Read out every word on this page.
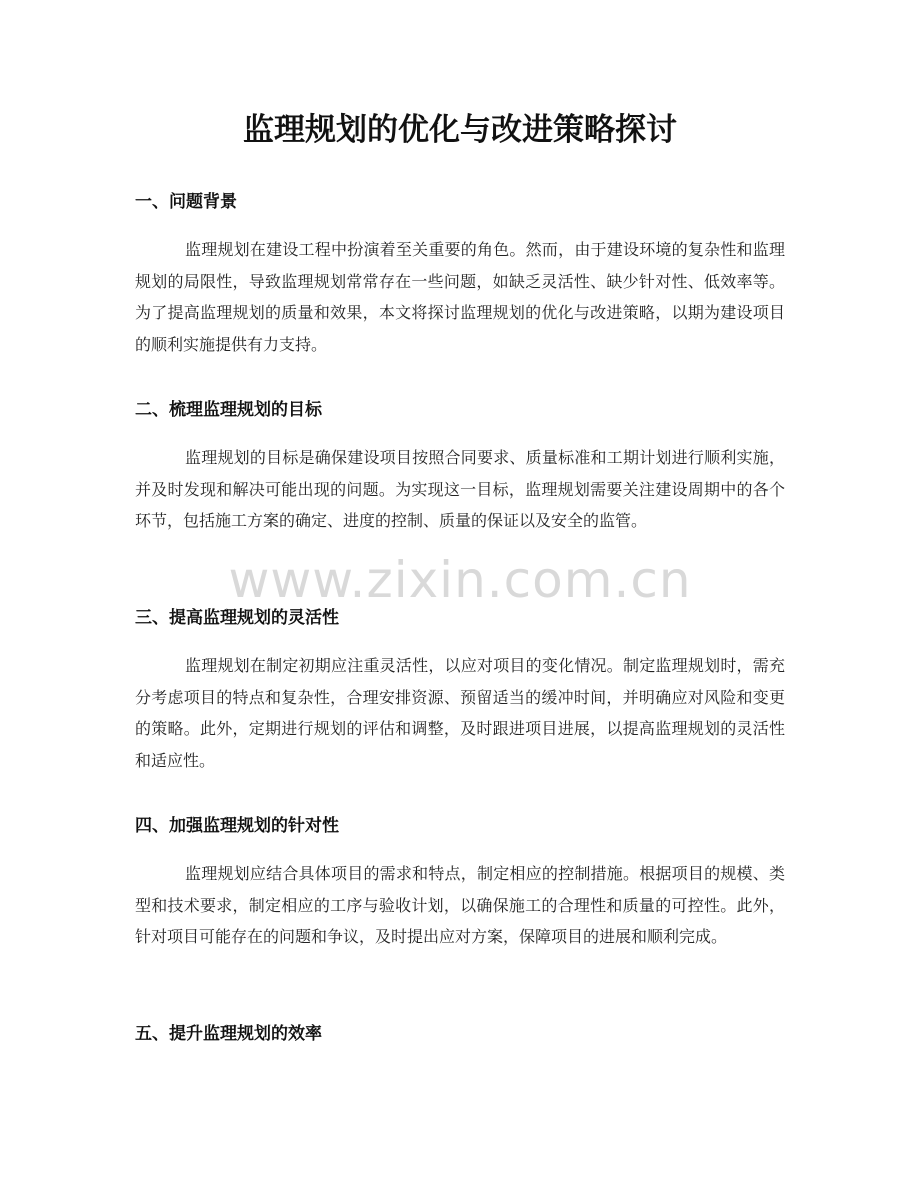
监理规划的优化与改进策略探讨
一、问题背景

监理规划在建设工程中扮演着至关重要的角色。然而，由于建设环境的复杂性和监理规划的局限性，导致监理规划常常存在一些问题，如缺乏灵活性、缺少针对性、低效率等。为了提高监理规划的质量和效果，本文将探讨监理规划的优化与改进策略，以期为建设项目的顺利实施提供有力支持。

二、梳理监理规划的目标

监理规划的目标是确保建设项目按照合同要求、质量标准和工期计划进行顺利实施，并及时发现和解决可能出现的问题。为实现这一目标，监理规划需要关注建设周期中的各个环节，包括施工方案的确定、进度的控制、质量的保证以及安全的监管。

三、提高监理规划的灵活性

监理规划在制定初期应注重灵活性，以应对项目的变化情况。制定监理规划时，需充分考虑项目的特点和复杂性，合理安排资源、预留适当的缓冲时间，并明确应对风险和变更的策略。此外，定期进行规划的评估和调整，及时跟进项目进展，以提高监理规划的灵活性和适应性。

四、加强监理规划的针对性

监理规划应结合具体项目的需求和特点，制定相应的控制措施。根据项目的规模、类型和技术要求，制定相应的工序与验收计划，以确保施工的合理性和质量的可控性。此外，针对项目可能存在的问题和争议，及时提出应对方案，保障项目的进展和顺利完成。

五、提升监理规划的效率
www.zixin.com.cn
